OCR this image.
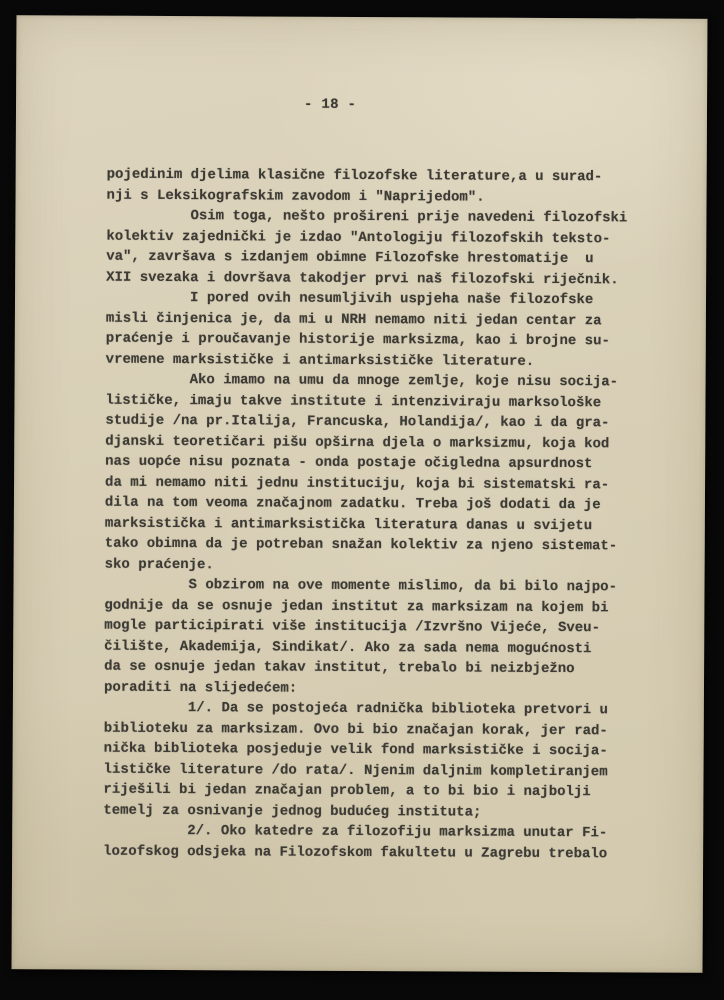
- 18 -
pojedinim djelima klasične filozofske literature,a u surad-
nji s Leksikografskim zavodom i "Naprijedom".
Osim toga, nešto prošireni prije navedeni filozofski
kolektiv zajednički je izdao "Antologiju filozofskih teksto-
va", završava s izdanjem obimne Filozofske hrestomatije  u
XII svezaka i dovršava takodjer prvi naš filozofski riječnik.
I pored ovih nesumljivih uspjeha naše filozofske
misli činjenica je, da mi u NRH nemamo niti jedan centar za
praćenje i proučavanje historije marksizma, kao i brojne su-
vremene marksističke i antimarksističke literature.
Ako imamo na umu da mnoge zemlje, koje nisu socija-
lističke, imaju takve institute i intenziviraju marksološke
studije /na pr.Italija, Francuska, Holandija/, kao i da gra-
djanski teoretičari pišu opširna djela o marksizmu, koja kod
nas uopće nisu poznata - onda postaje očigledna apsurdnost
da mi nemamo niti jednu instituciju, koja bi sistematski ra-
dila na tom veoma značajnom zadatku. Treba još dodati da je
marksistička i antimarksistička literatura danas u svijetu
tako obimna da je potreban snažan kolektiv za njeno sistemat-
sko praćenje.
S obzirom na ove momente mislimo, da bi bilo najpo-
godnije da se osnuje jedan institut za marksizam na kojem bi
mogle participirati više institucija /Izvršno Vijeće, Sveu-
čilište, Akademija, Sindikat/. Ako za sada nema mogućnosti
da se osnuje jedan takav institut, trebalo bi neizbježno
poraditi na slijedećem:
1/. Da se postojeća radnička biblioteka pretvori u
biblioteku za marksizam. Ovo bi bio značajan korak, jer rad-
nička biblioteka posjeduje velik fond marksističke i socija-
lističke literature /do rata/. Njenim daljnim kompletiranjem
riješili bi jedan značajan problem, a to bi bio i najbolji
temelj za osnivanje jednog budućeg instituta;
2/. Oko katedre za filozofiju marksizma unutar Fi-
lozofskog odsjeka na Filozofskom fakultetu u Zagrebu trebalo
